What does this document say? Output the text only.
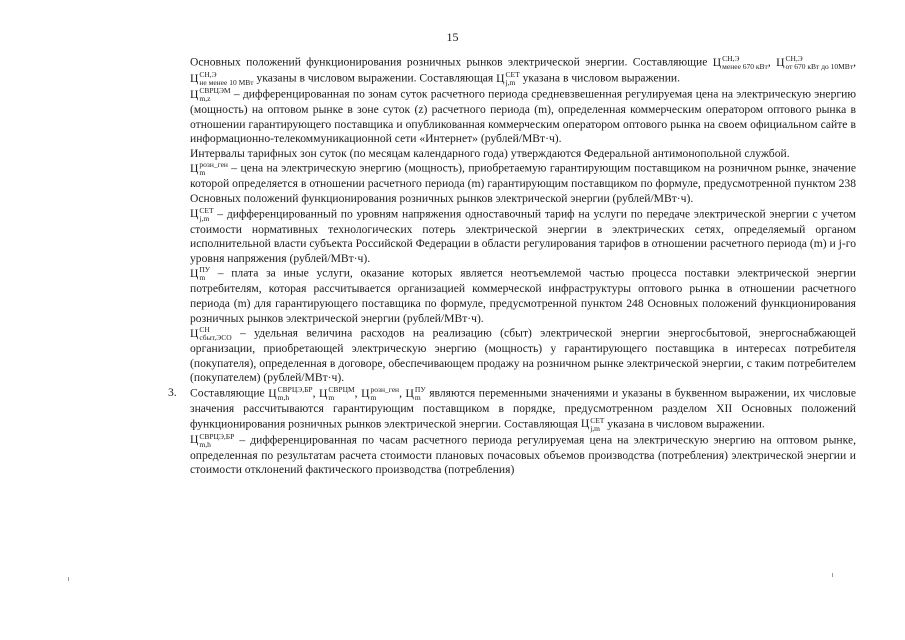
15

Основных положений функционирования розничных рынков электрической энергии. Составляющие Ц СН,Э
менее 670 кВт , Ц СН,Э
от 670 кВт до 10МВт , Ц СН,Э
не менее 10 МВт указаны в числовом выражении. Составляющая Ц СЕТ
j,m указана в числовом выражении.

Ц СВРЦЭМ
m,z	– дифференцированная по зонам суток расчетного периода средневзвешенная регулируемая цена на электрическую энергию (мощность) на оптовом рынке в зоне суток (z) расчетного периода (m), определенная коммерческим оператором оптового рынка в отношении гарантирующего поставщика и опубликованная коммерческим оператором оптового рынка на своем официальном сайте в информационно-телекоммуникационной сети «Интернет» (рублей/МВт·ч).

Интервалы тарифных зон суток (по месяцам календарного года) утверждаются Федеральной антимонопольной службой.

Ц розн_ген
m	– цена на электрическую энергию (мощность), приобретаемую гарантирующим поставщиком на розничном рынке, значение которой определяется в отношении расчетного периода (m) гарантирующим поставщиком по формуле, предусмотренной пунктом 238 Основных положений функционирования розничных рынков электрической энергии (рублей/МВт·ч).

Ц СЕТ
j,m – дифференцированный по уровням напряжения одноставочный тариф на услуги по передаче электрической энергии с учетом стоимости нормативных технологических потерь электрической энергии в электрических сетях, определяемый органом исполнительной власти субъекта Российской Федерации в области регулирования тарифов в отношении расчетного периода (m) и j-го уровня напряжения (рублей/МВт·ч).

Ц ПУ
m – плата за иные услуги, оказание которых является неотъемлемой частью процесса поставки электрической энергии потребителям, которая рассчитывается организацией коммерческой инфраструктуры оптового рынка в отношении расчетного периода (m) для гарантирующего поставщика по формуле, предусмотренной пунктом 248 Основных положений функционирования розничных рынков электрической энергии (рублей/МВт·ч).

Ц СН
сбыт,ЭСО – удельная величина расходов на реализацию (сбыт) электрической энергии энергосбытовой, энергоснабжающей организации, приобретающей электрическую энергию (мощность) у гарантирующего поставщика в интересах потребителя (покупателя), определенная в договоре, обеспечивающем продажу на розничном рынке электрической энергии, с таким потребителем (покупателем) (рублей/МВт·ч).

3. Составляющие Ц СВРЦЭ,БР
m,h	, Ц СВРЦМ
m	, Ц розн_ген
m	, Ц ПУ
m являются переменными значениями и указаны в буквенном выражении, их числовые значения рассчитываются гарантирующим поставщиком в порядке, предусмотренном разделом XII Основных положений функционирования розничных рынков электрической энергии. Составляющая Ц СЕТ
j,m указана в числовом выражении.

Ц СВРЦЭ,БР
m,h	– дифференцированная по часам расчетного периода регулируемая цена на электрическую энергию на оптовом рынке, определенная по результатам расчета стоимости плановых почасовых объемов производства (потребления) электрической энергии и стоимости отклонений фактического производства (потребления)
